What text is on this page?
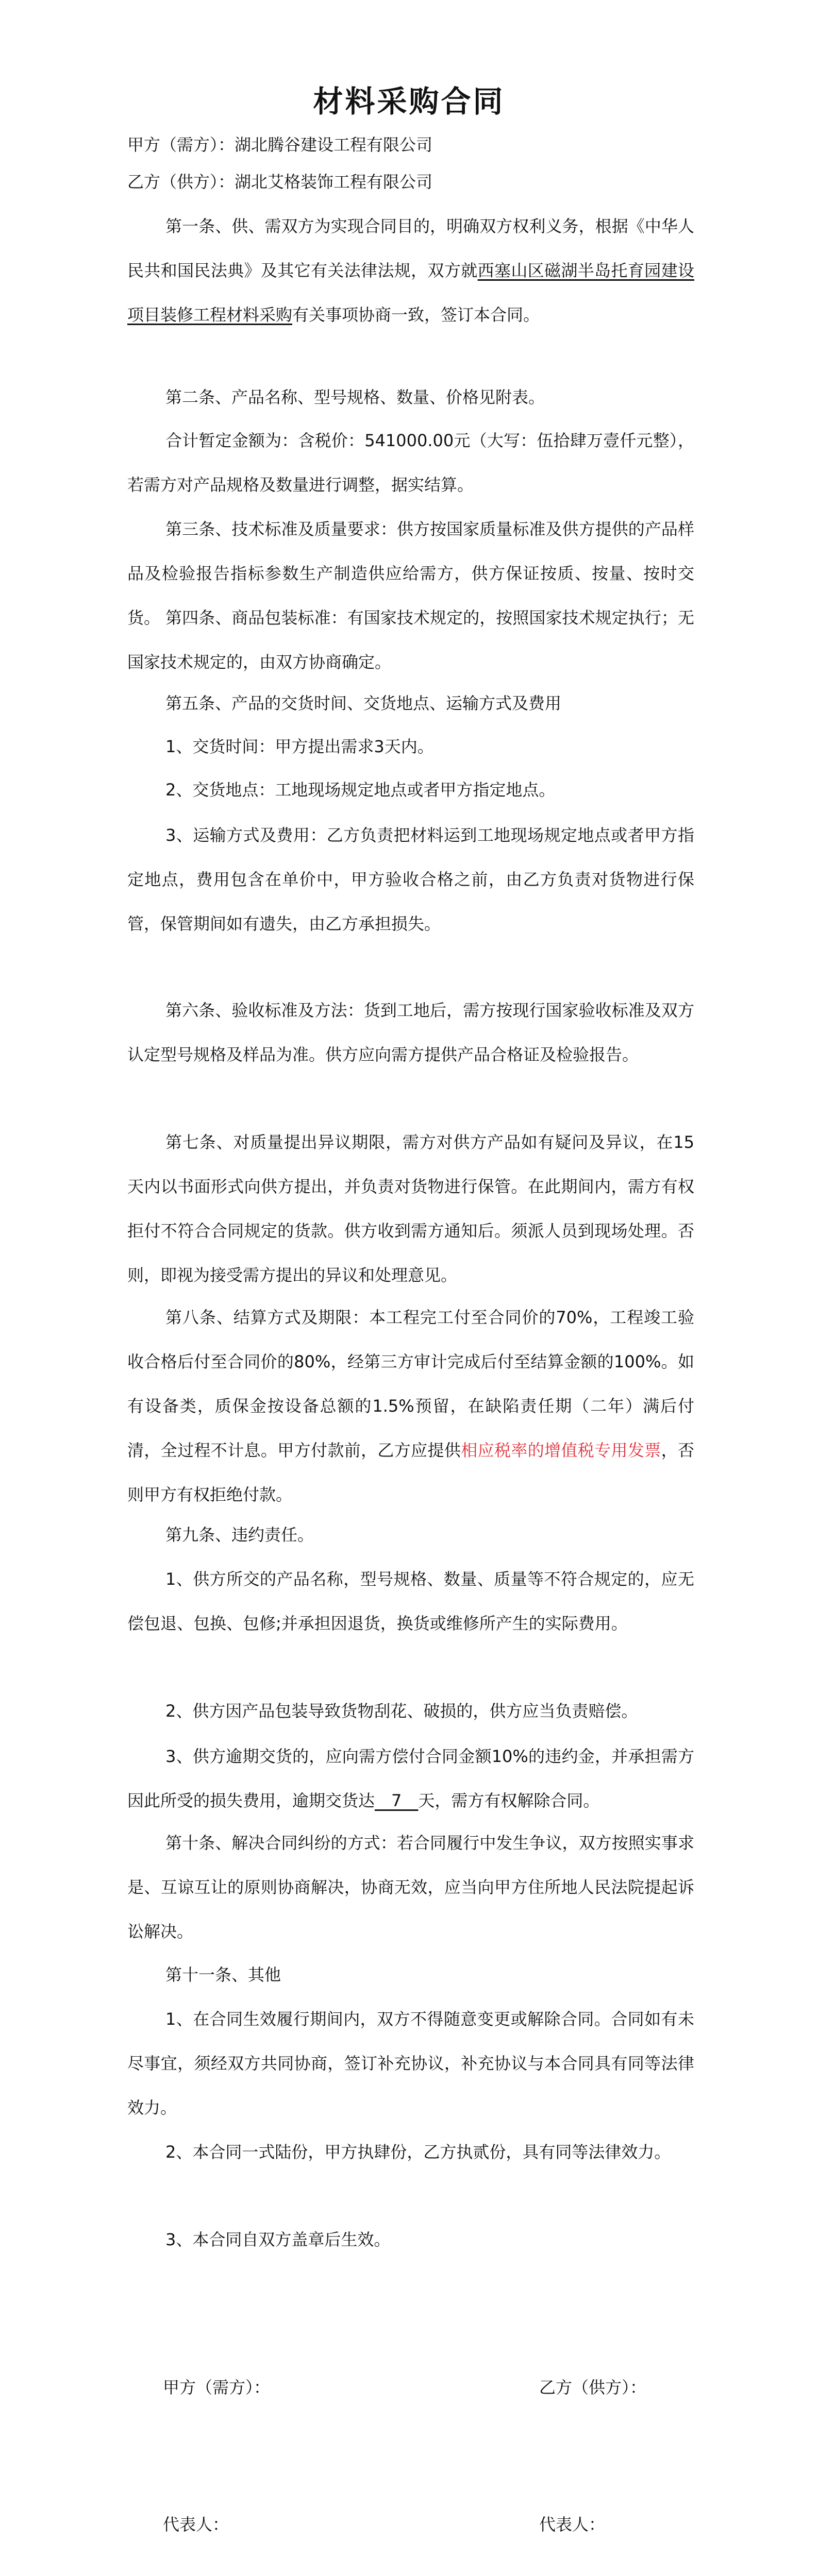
材料采购合同

甲方（需方）：湖北腾谷建设工程有限公司

乙方（供方）：湖北艾格装饰工程有限公司

第一条、供、需双方为实现合同目的，明确双方权利义务，根据《中华人民共和国民法典》及其它有关法律法规，双方就西塞山区磁湖半岛托育园建设项目装修工程材料采购有关事项协商一致，签订本合同。

第二条、产品名称、型号规格、数量、价格见附表。

合计暂定金额为：含税价：541000.00元（大写：伍拾肆万壹仟元整），若需方对产品规格及数量进行调整，据实结算。

第三条、技术标准及质量要求：供方按国家质量标准及供方提供的产品样品及检验报告指标参数生产制造供应给需方，供方保证按质、按量、按时交货。 第四条、商品包装标准：有国家技术规定的，按照国家技术规定执行；无国家技术规定的，由双方协商确定。

第五条、产品的交货时间、交货地点、运输方式及费用

1、交货时间：甲方提出需求3天内。

2、交货地点：工地现场规定地点或者甲方指定地点。

3、运输方式及费用：乙方负责把材料运到工地现场规定地点或者甲方指定地点，费用包含在单价中，甲方验收合格之前，由乙方负责对货物进行保管，保管期间如有遗失，由乙方承担损失。

第六条、验收标准及方法：货到工地后，需方按现行国家验收标准及双方认定型号规格及样品为准。供方应向需方提供产品合格证及检验报告。

第七条、对质量提出异议期限，需方对供方产品如有疑问及异议，在15天内以书面形式向供方提出，并负责对货物进行保管。在此期间内，需方有权拒付不符合合同规定的货款。供方收到需方通知后。须派人员到现场处理。否则，即视为接受需方提出的异议和处理意见。

第八条、结算方式及期限：本工程完工付至合同价的70%，工程竣工验收合格后付至合同价的80%，经第三方审计完成后付至结算金额的100%。如有设备类，质保金按设备总额的1.5%预留，在缺陷责任期（二年）满后付清，全过程不计息。甲方付款前，乙方应提供相应税率的增值税专用发票，否则甲方有权拒绝付款。

第九条、违约责任。

1、供方所交的产品名称，型号规格、数量、质量等不符合规定的，应无偿包退、包换、包修;并承担因退货，换货或维修所产生的实际费用。

2、供方因产品包装导致货物刮花、破损的，供方应当负责赔偿。

3、供方逾期交货的，应向需方偿付合同金额10%的违约金，并承担需方因此所受的损失费用，逾期交货达　7　天，需方有权解除合同。

第十条、解决合同纠纷的方式：若合同履行中发生争议，双方按照实事求是、互谅互让的原则协商解决，协商无效，应当向甲方住所地人民法院提起诉讼解决。

第十一条、其他

1、在合同生效履行期间内，双方不得随意变更或解除合同。合同如有未尽事宜，须经双方共同协商，签订补充协议，补充协议与本合同具有同等法律效力。

2、本合同一式陆份，甲方执肆份，乙方执贰份，具有同等法律效力。

3、本合同自双方盖章后生效。

甲方（需方）：	乙方（供方）：
代表人：	代表人：
